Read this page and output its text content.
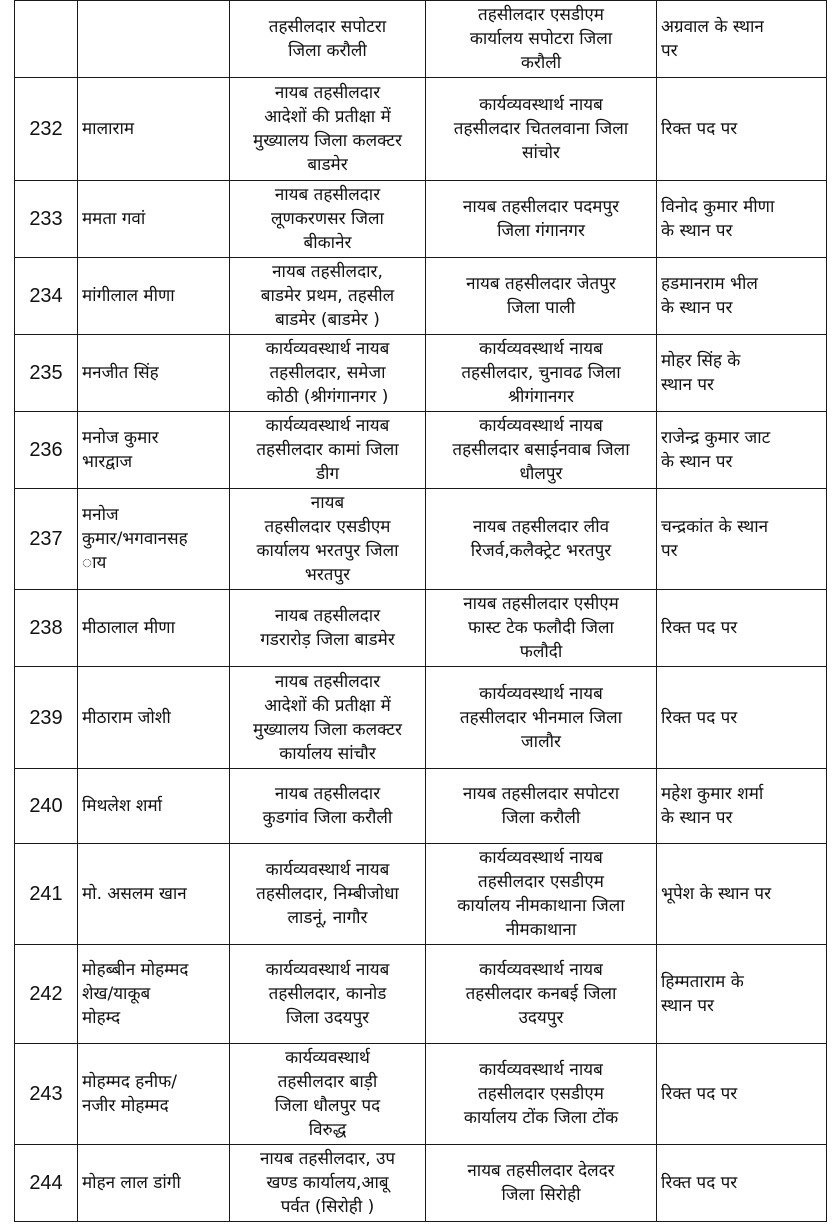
		तहसीलदार सपोटरा
जिला करौली	तहसीलदार एसडीएम
कार्यालय सपोटरा जिला
करौली	अग्रवाल के स्थान
पर
232	मालाराम	नायब तहसीलदार
आदेशों की प्रतीक्षा में
मुख्यालय जिला कलक्टर
बाडमेर	कार्यव्यवस्थार्थ नायब
तहसीलदार चितलवाना जिला
सांचोर	रिक्त पद पर
233	ममता गवां	नायब तहसीलदार
लूणकरणसर जिला
बीकानेर	नायब तहसीलदार पदमपुर
जिला गंगानगर	विनोद कुमार मीणा
के स्थान पर
234	मांगीलाल मीणा	नायब तहसीलदार,
बाडमेर प्रथम, तहसील
बाडमेर (बाडमेर )	नायब तहसीलदार जेतपुर
जिला पाली	हडमानराम भील
के स्थान पर
235	मनजीत सिंह	कार्यव्यवस्थार्थ नायब
तहसीलदार, समेजा
कोठी (श्रीगंगानगर )	कार्यव्यवस्थार्थ नायब
तहसीलदार, चुनावढ जिला
श्रीगंगानगर	मोहर सिंह के
स्थान पर
236	मनोज कुमार
भारद्वाज	कार्यव्यवस्थार्थ नायब
तहसीलदार कामां जिला
डीग	कार्यव्यवस्थार्थ नायब
तहसीलदार बसाईनवाब जिला
धौलपुर	राजेन्द्र कुमार जाट
के स्थान पर
237	मनोज
कुमार/भगवानसह
ाय	नायब
तहसीलदार एसडीएम
कार्यालय भरतपुर जिला
भरतपुर	नायब तहसीलदार लीव
रिजर्व,कलैक्ट्रेट भरतपुर	चन्द्रकांत के स्थान
पर
238	मीठालाल मीणा	नायब तहसीलदार
गडरारोड़ जिला बाडमेर	नायब तहसीलदार एसीएम
फास्ट टेक फलौदी जिला
फलौदी	रिक्त पद पर
239	मीठाराम जोशी	नायब तहसीलदार
आदेशों की प्रतीक्षा में
मुख्यालय जिला कलक्टर
कार्यालय सांचौर	कार्यव्यवस्थार्थ नायब
तहसीलदार भीनमाल जिला
जालौर	रिक्त पद पर
240	मिथलेश शर्मा	नायब तहसीलदार
कुडगांव जिला करौली	नायब तहसीलदार सपोटरा
जिला करौली	महेश कुमार शर्मा
के स्थान पर
241	मो. असलम खान	कार्यव्यवस्थार्थ नायब
तहसीलदार, निम्बीजोधा
लाडनूं, नागौर	कार्यव्यवस्थार्थ नायब
तहसीलदार एसडीएम
कार्यालय नीमकाथाना जिला
नीमकाथाना	भूपेश के स्थान पर
242	मोहब्बीन मोहम्मद
शेख/याकूब
मोहम्द	कार्यव्यवस्थार्थ नायब
तहसीलदार, कानोड
जिला उदयपुर	कार्यव्यवस्थार्थ नायब
तहसीलदार कनबई जिला
उदयपुर	हिम्मताराम के
स्थान पर
243	मोहम्मद हनीफ/
नजीर मोहम्मद	कार्यव्यवस्थार्थ
तहसीलदार बाड़ी
जिला धौलपुर पद
विरुद्ध	कार्यव्यवस्थार्थ नायब
तहसीलदार एसडीएम
कार्यालय टोंक जिला टोंक	रिक्त पद पर
244	मोहन लाल डांगी	नायब तहसीलदार, उप
खण्ड कार्यालय,आबू
पर्वत (सिरोही )	नायब तहसीलदार देलदर
जिला सिरोही	रिक्त पद पर
